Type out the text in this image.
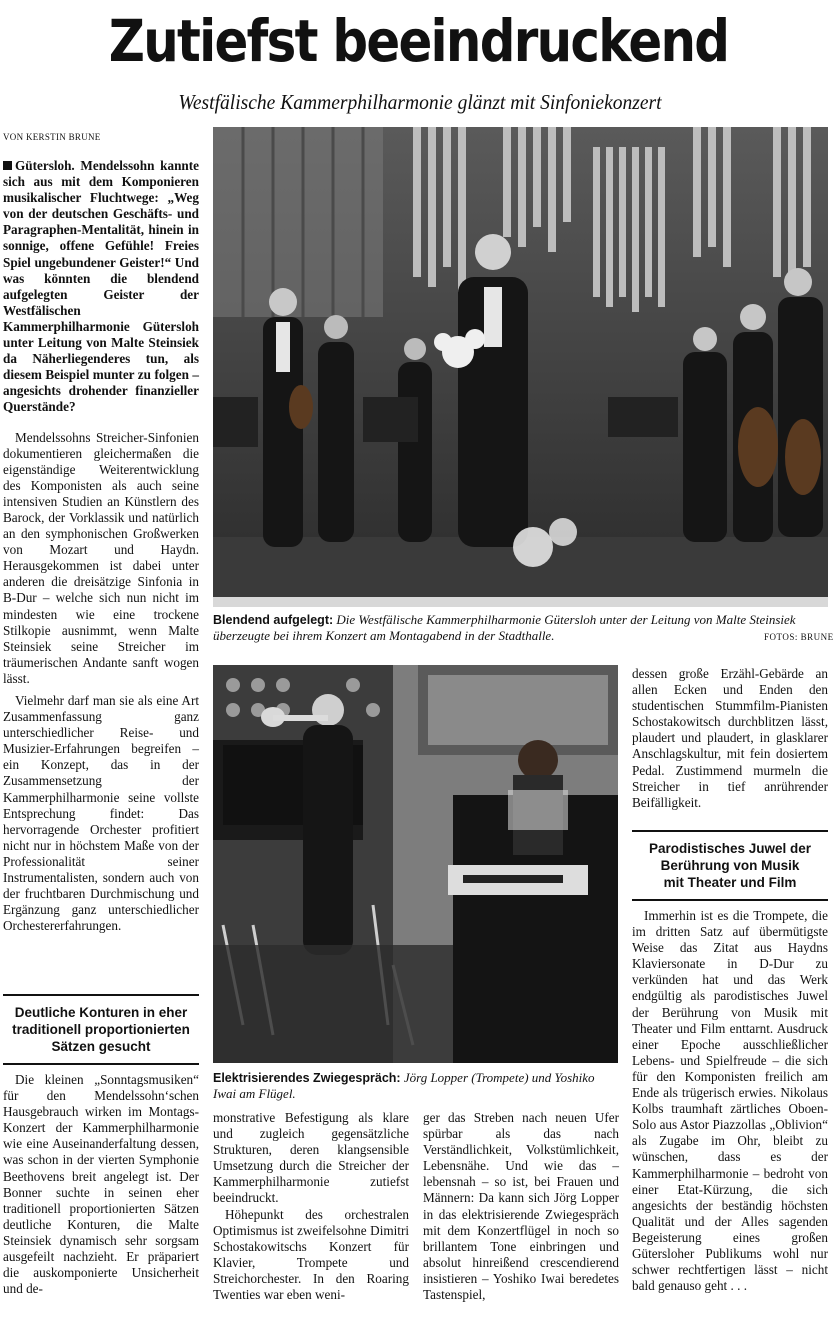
Zutiefst beeindruckend
Westfälische Kammerphilharmonie glänzt mit Sinfoniekonzert
VON KERSTIN BRUNE

Gütersloh. Mendelssohn kannte sich aus mit dem Komponieren musikalischer Fluchtwege: „Weg von der deutschen Geschäfts- und Paragraphen-Mentalität, hinein in sonnige, offene Gefühle! Freies Spiel ungebundener Geister!“ Und was könnten die blendend aufgelegten Geister der Westfälischen Kammerphilharmonie Gütersloh unter Leitung von Malte Steinsiek da Näherliegenderes tun, als diesem Beispiel munter zu folgen – angesichts drohender finanzieller Querstände?

Mendelssohns Streicher-Sinfonien dokumentieren gleichermaßen die eigenständige Weiterentwicklung des Komponisten als auch seine intensiven Studien an Künstlern des Barock, der Vorklassik und natürlich an den symphonischen Großwerken von Mozart und Haydn. Herausgekommen ist dabei unter anderen die dreisätzige Sinfonia in B-Dur – welche sich nun nicht im mindesten wie eine trockene Stilkopie ausnimmt, wenn Malte Steinsiek seine Streicher im träumerischen Andante sanft wogen lässt.

Vielmehr darf man sie als eine Art Zusammenfassung ganz unterschiedlicher Reise- und Musizier-Erfahrungen begreifen – ein Konzept, das in der Zusammensetzung der Kammerphilharmonie seine vollste Entsprechung findet: Das hervorragende Orchester profitiert nicht nur in höchstem Maße von der Professionalität seiner Instrumentalisten, sondern auch von der fruchtbaren Durchmischung und Ergänzung ganz unterschiedlicher Orchestererfahrungen.

Deutliche Konturen in eher
traditionell proportionierten
Sätzen gesucht

Die kleinen „Sonntagsmusiken“ für den Mendelssohn‘schen Hausgebrauch wirken im Montags-Konzert der Kammerphilharmonie wie eine Auseinanderfaltung dessen, was schon in der vierten Symphonie Beethovens breit angelegt ist. Der Bonner suchte in seinen eher traditionell proportionierten Sätzen deutliche Konturen, die Malte Steinsiek dynamisch sehr sorgsam ausgefeilt nachzieht. Er präpariert die auskomponierte Unsicherheit und de-

Blendend aufgelegt: Die Westfälische Kammerphilharmonie Gütersloh unter der Leitung von Malte Steinsiek überzeugte bei ihrem Konzert am Montagabend in der Stadthalle.	FOTOS: BRUNE
Elektrisierendes Zwiegespräch: Jörg Lopper (Trompete) und Yoshiko Iwai am Flügel.

monstrative Befestigung als klare und zugleich gegensätzliche Strukturen, deren klangsensible Umsetzung durch die Streicher der Kammerphilharmonie zutiefst beeindruckt.

Höhepunkt des orchestralen Optimismus ist zweifelsohne Dimitri Schostakowitschs Konzert für Klavier, Trompete und Streichorchester. In den Roaring Twenties war eben weni-

ger das Streben nach neuen Ufer spürbar als das nach Verständlichkeit, Volkstümlichkeit, Lebensnähe. Und wie das – lebensnah – so ist, bei Frauen und Männern: Da kann sich Jörg Lopper in das elektrisierende Zwiegespräch mit dem Konzertflügel in noch so brillantem Tone einbringen und absolut hinreißend crescendierend insistieren – Yoshiko Iwai beredetes Tastenspiel,

dessen große Erzähl-Gebärde an allen Ecken und Enden den studentischen Stummfilm-Pianisten Schostakowitsch durchblitzen lässt, plaudert und plaudert, in glasklarer Anschlagskultur, mit fein dosiertem Pedal. Zustimmend murmeln die Streicher in tief anrührender Beifälligkeit.

Parodistisches Juwel der
Berührung von Musik
mit Theater und Film

Immerhin ist es die Trompete, die im dritten Satz auf übermütigste Weise das Zitat aus Haydns Klaviersonate in D-Dur zu verkünden hat und das Werk endgültig als parodistisches Juwel der Berührung von Musik mit Theater und Film enttarnt. Ausdruck einer Epoche ausschließlicher Lebens- und Spielfreude – die sich für den Komponisten freilich am Ende als trügerisch erwies. Nikolaus Kolbs traumhaft zärtliches Oboen-Solo aus Astor Piazzollas „Oblivion“ als Zugabe im Ohr, bleibt zu wünschen, dass es der Kammerphilharmonie – bedroht von einer Etat-Kürzung, die sich angesichts der beständig höchsten Qualität und der Alles sagenden Begeisterung eines großen Gütersloher Publikums wohl nur schwer rechtfertigen lässt – nicht bald genauso geht . . .
